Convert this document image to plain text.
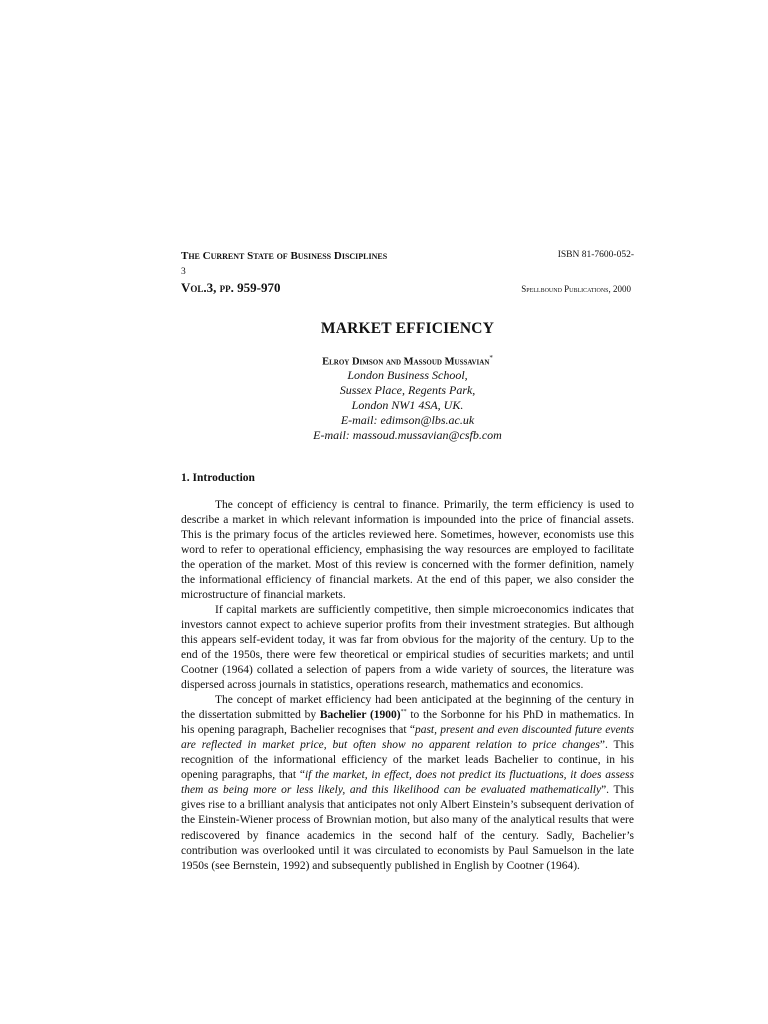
The Current State of Business Disciplines	ISBN 81-7600-052-
3
Vol.3, pp. 959-970	Spellbound Publications, 2000
MARKET EFFICIENCY
Elroy Dimson and Massoud Mussavian*
London Business School,
Sussex Place, Regents Park,
London NW1 4SA, UK.
E-mail: edimson@lbs.ac.uk
E-mail: massoud.mussavian@csfb.com
1. Introduction

The concept of efficiency is central to finance. Primarily, the term efficiency is used to describe a market in which relevant information is impounded into the price of financial assets. This is the primary focus of the articles reviewed here. Sometimes, however, economists use this word to refer to operational efficiency, emphasising the way resources are employed to facilitate the operation of the market. Most of this review is concerned with the former definition, namely the informational efficiency of financial markets. At the end of this paper, we also consider the microstructure of financial markets.

If capital markets are sufficiently competitive, then simple microeconomics indicates that investors cannot expect to achieve superior profits from their investment strategies. But although this appears self-evident today, it was far from obvious for the majority of the century. Up to the end of the 1950s, there were few theoretical or empirical studies of securities markets; and until Cootner (1964) collated a selection of papers from a wide variety of sources, the literature was dispersed across journals in statistics, operations research, mathematics and economics.

The concept of market efficiency had been anticipated at the beginning of the century in the dissertation submitted by Bachelier (1900)** to the Sorbonne for his PhD in mathematics. In his opening paragraph, Bachelier recognises that “past, present and even discounted future events are reflected in market price, but often show no apparent relation to price changes”. This recognition of the informational efficiency of the market leads Bachelier to continue, in his opening paragraphs, that “if the market, in effect, does not predict its fluctuations, it does assess them as being more or less likely, and this likelihood can be evaluated mathematically”. This gives rise to a brilliant analysis that anticipates not only Albert Einstein’s subsequent derivation of the Einstein-Wiener process of Brownian motion, but also many of the analytical results that were rediscovered by finance academics in the second half of the century. Sadly, Bachelier’s contribution was overlooked until it was circulated to economists by Paul Samuelson in the late 1950s (see Bernstein, 1992) and subsequently published in English by Cootner (1964).
